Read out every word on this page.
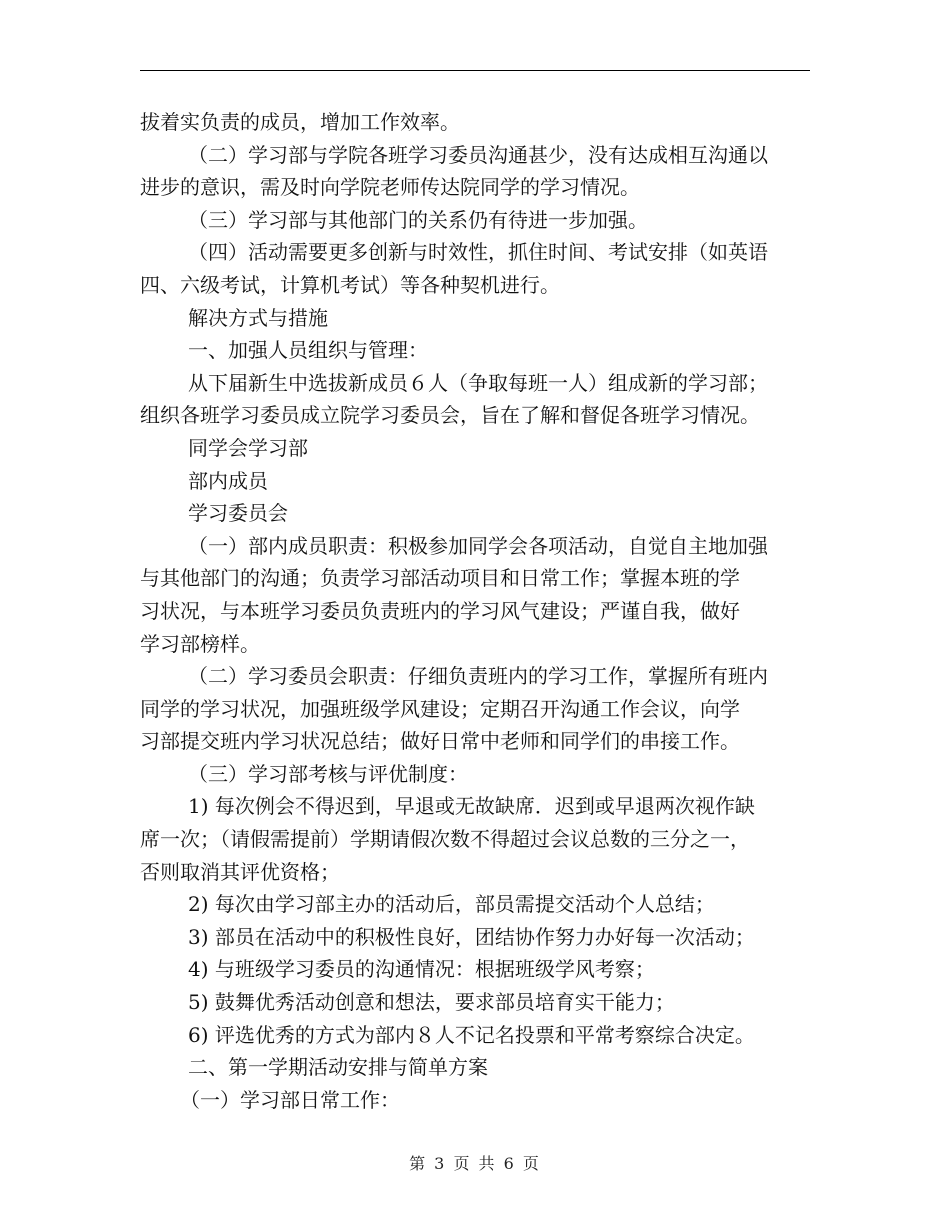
拔着实负责的成员，增加工作效率。
（二）学习部与学院各班学习委员沟通甚少，没有达成相互沟通以
进步的意识，需及时向学院老师传达院同学的学习情况。
（三）学习部与其他部门的关系仍有待进一步加强。
（四）活动需要更多创新与时效性，抓住时间、考试安排（如英语
四、六级考试，计算机考试）等各种契机进行。
解决方式与措施
一、加强人员组织与管理：
从下届新生中选拔新成员６人（争取每班一人）组成新的学习部；
组织各班学习委员成立院学习委员会，旨在了解和督促各班学习情况。
同学会学习部
部内成员
学习委员会
（一）部内成员职责：积极参加同学会各项活动，自觉自主地加强
与其他部门的沟通；负责学习部活动项目和日常工作；掌握本班的学
习状况，与本班学习委员负责班内的学习风气建设；严谨自我，做好
学习部榜样。
（二）学习委员会职责：仔细负责班内的学习工作，掌握所有班内
同学的学习状况，加强班级学风建设；定期召开沟通工作会议，向学
习部提交班内学习状况总结；做好日常中老师和同学们的串接工作。
（三）学习部考核与评优制度：
1) 每次例会不得迟到，早退或无故缺席．迟到或早退两次视作缺
席一次；（请假需提前）学期请假次数不得超过会议总数的三分之一，
否则取消其评优资格；
2) 每次由学习部主办的活动后，部员需提交活动个人总结；
3) 部员在活动中的积极性良好，团结协作努力办好每一次活动；
4) 与班级学习委员的沟通情况：根据班级学风考察；
5) 鼓舞优秀活动创意和想法，要求部员培育实干能力；
6) 评选优秀的方式为部内８人不记名投票和平常考察综合决定。
二、第一学期活动安排与简单方案
（一）学习部日常工作：
第 3 页 共 6 页
